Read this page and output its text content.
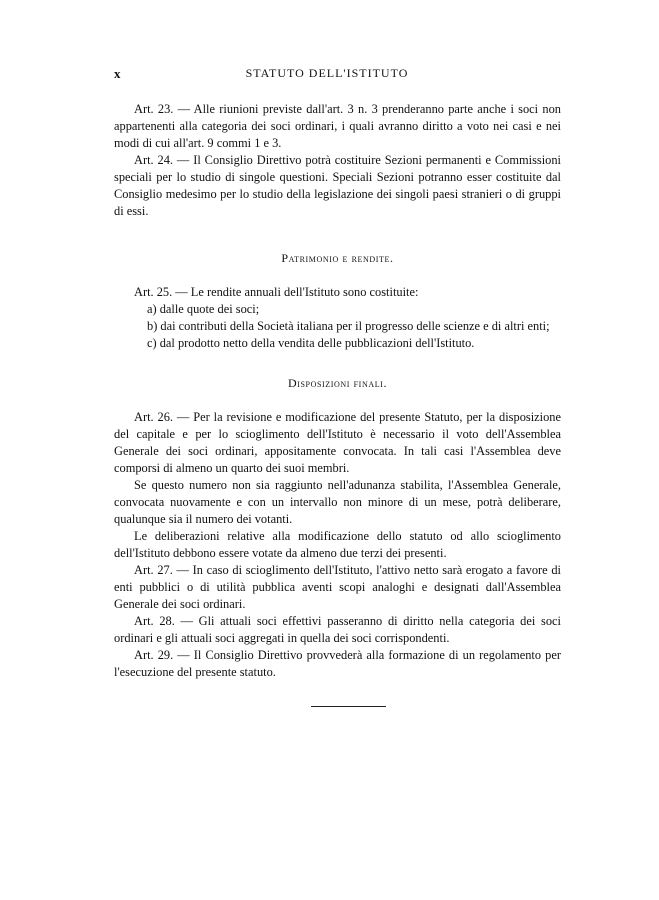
x	STATUTO DELL'ISTITUTO

Art. 23. — Alle riunioni previste dall'art. 3 n. 3 prenderanno parte anche i soci non appartenenti alla categoria dei soci ordinari, i quali avranno diritto a voto nei casi e nei modi di cui all'art. 9 commi 1 e 3.

Art. 24. — Il Consiglio Direttivo potrà costituire Sezioni permanenti e Commissioni speciali per lo studio di singole questioni. Speciali Sezioni potranno esser costituite dal Consiglio medesimo per lo studio della legislazione dei singoli paesi stranieri o di gruppi di essi.

Patrimonio e rendite.

Art. 25. — Le rendite annuali dell'Istituto sono costituite:

a) dalle quote dei soci;

b) dai contributi della Società italiana per il progresso delle scienze e di altri enti;

c) dal prodotto netto della vendita delle pubblicazioni dell'Istituto.

Disposizioni finali.

Art. 26. — Per la revisione e modificazione del presente Statuto, per la disposizione del capitale e per lo scioglimento dell'Istituto è necessario il voto dell'Assemblea Generale dei soci ordinari, appositamente convocata. In tali casi l'Assemblea deve comporsi di almeno un quarto dei suoi membri.

Se questo numero non sia raggiunto nell'adunanza stabilita, l'Assemblea Generale, convocata nuovamente e con un intervallo non minore di un mese, potrà deliberare, qualunque sia il numero dei votanti.

Le deliberazioni relative alla modificazione dello statuto od allo scioglimento dell'Istituto debbono essere votate da almeno due terzi dei presenti.

Art. 27. — In caso di scioglimento dell'Istituto, l'attivo netto sarà erogato a favore di enti pubblici o di utilità pubblica aventi scopi analoghi e designati dall'Assemblea Generale dei soci ordinari.

Art. 28. — Gli attuali soci effettivi passeranno di diritto nella categoria dei soci ordinari e gli attuali soci aggregati in quella dei soci corrispondenti.

Art. 29. — Il Consiglio Direttivo provvederà alla formazione di un regolamento per l'esecuzione del presente statuto.
